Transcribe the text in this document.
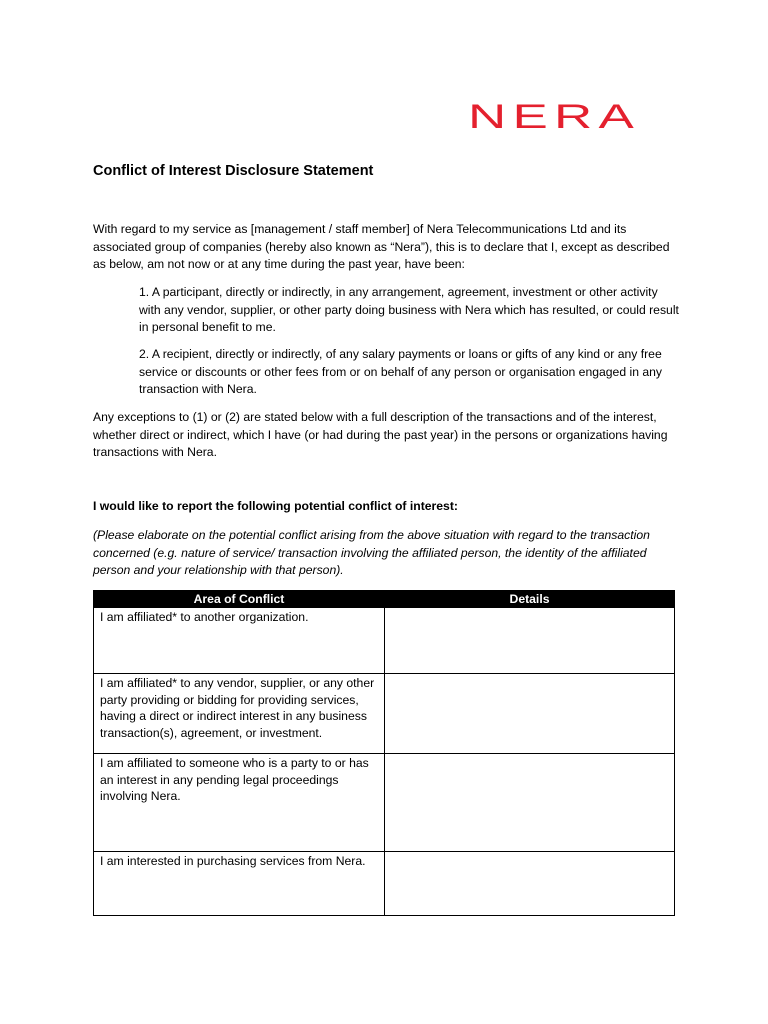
NERA
Conflict of Interest Disclosure Statement
With regard to my service as [management / staff member] of Nera Telecommunications Ltd and its associated group of companies (hereby also known as “Nera”), this is to declare that I, except as described as below, am not now or at any time during the past year, have been:
1. A participant, directly or indirectly, in any arrangement, agreement, investment or other activity with any vendor, supplier, or other party doing business with Nera which has resulted, or could result in personal benefit to me.
2. A recipient, directly or indirectly, of any salary payments or loans or gifts of any kind or any free service or discounts or other fees from or on behalf of any person or organisation engaged in any transaction with Nera.
Any exceptions to (1) or (2) are stated below with a full description of the transactions and of the interest, whether direct or indirect, which I have (or had during the past year) in the persons or organizations having transactions with Nera.
I would like to report the following potential conflict of interest:
(Please elaborate on the potential conflict arising from the above situation with regard to the transaction concerned (e.g. nature of service/ transaction involving the affiliated person, the identity of the affiliated person and your relationship with that person).
Area of Conflict	Details
I am affiliated* to another organization.	
I am affiliated* to any vendor, supplier, or any other party providing or bidding for providing services, having a direct or indirect interest in any business transaction(s), agreement, or investment.	
I am affiliated to someone who is a party to or has an interest in any pending legal proceedings involving Nera.	
I am interested in purchasing services from Nera.	
